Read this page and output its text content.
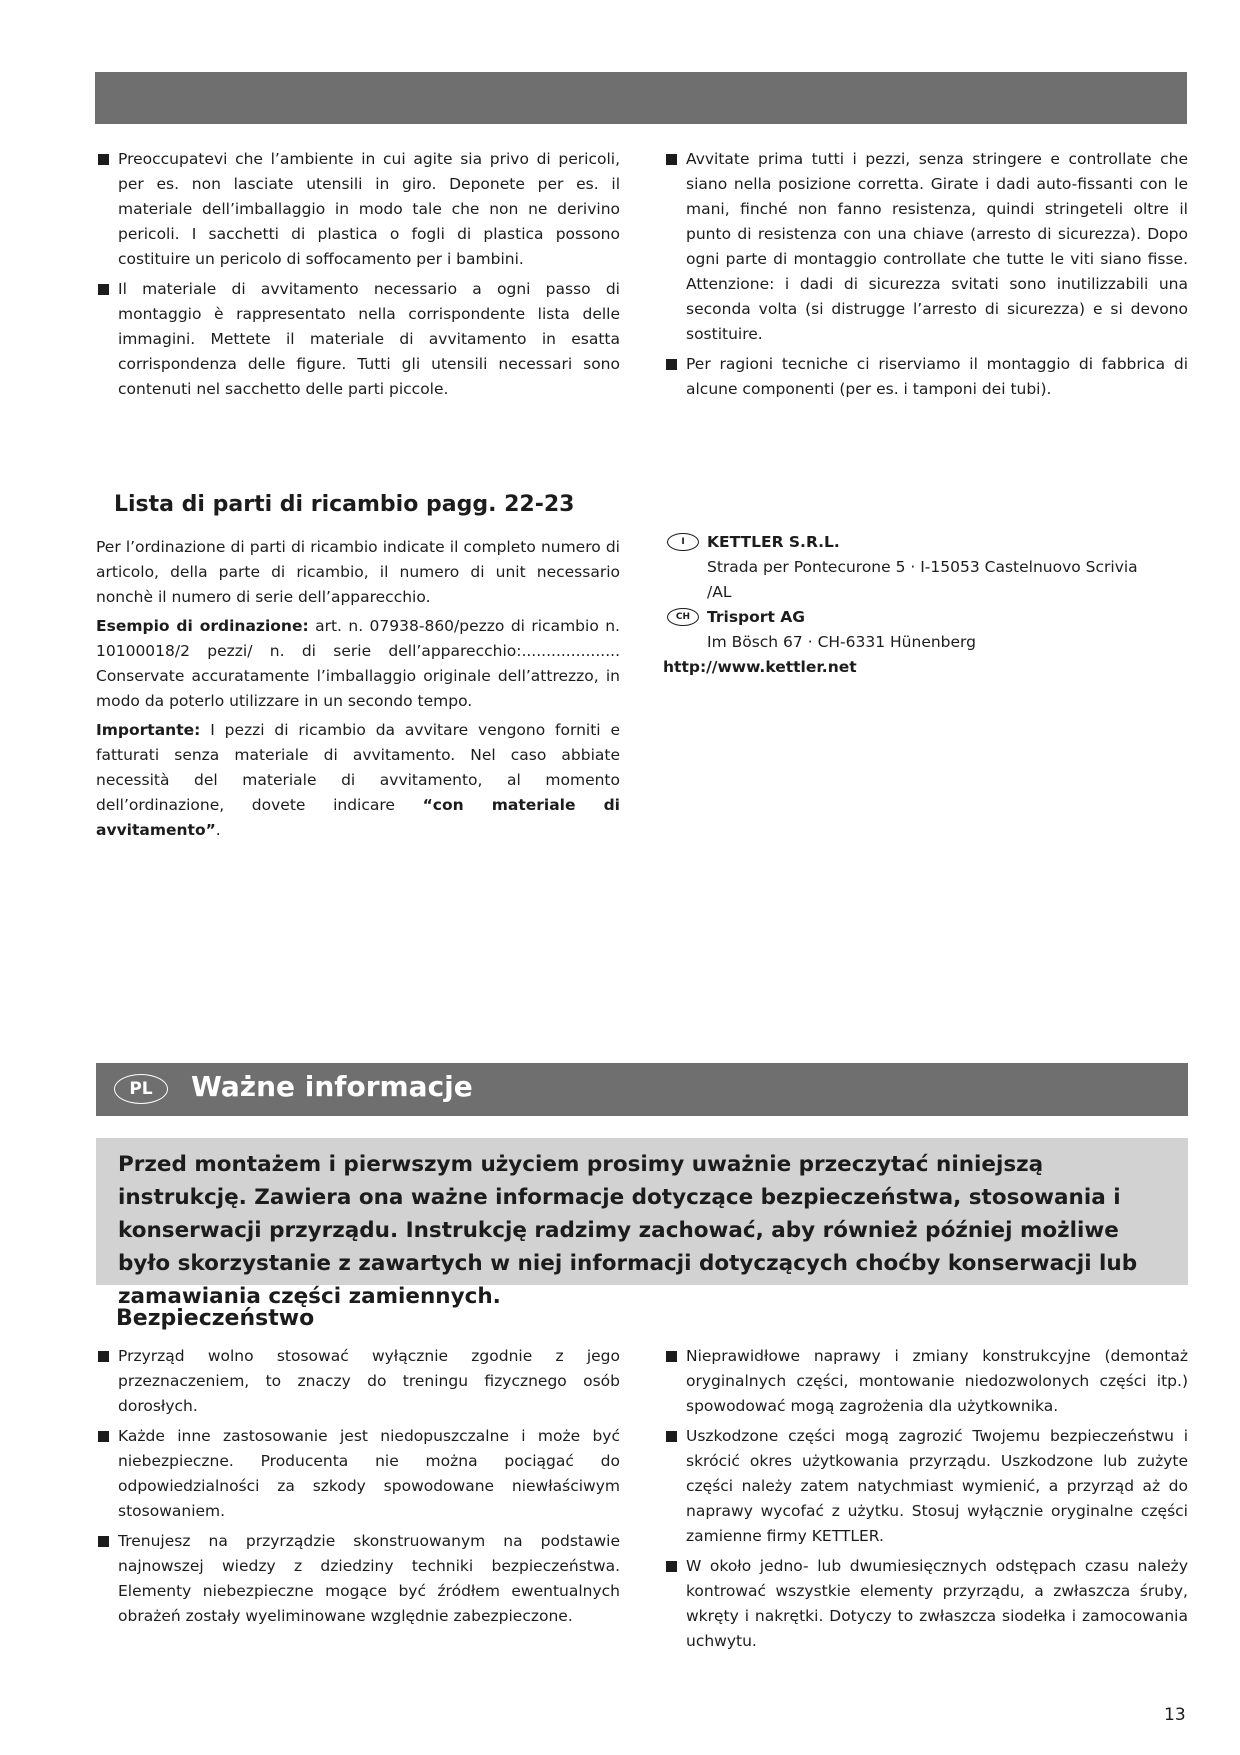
Preoccupatevi che l’ambiente in cui agite sia privo di pericoli, per es. non lasciate utensili in giro. Deponete per es. il materiale dell’imballaggio in modo tale che non ne derivino pericoli. I sacchetti di plastica o fogli di plastica possono costituire un pericolo di soffocamento per i bambini.
Il materiale di avvitamento necessario a ogni passo di montaggio è rappresentato nella corrispondente lista delle immagini. Mettete il materiale di avvitamento in esatta corrispondenza delle figure. Tutti gli utensili necessari sono contenuti nel sacchetto delle parti piccole.
Avvitate prima tutti i pezzi, senza stringere e controllate che siano nella posizione corretta. Girate i dadi auto-fissanti con le mani, finché non fanno resistenza, quindi stringeteli oltre il punto di resistenza con una chiave (arresto di sicurezza). Dopo ogni parte di montaggio controllate che tutte le viti siano fisse. Attenzione: i dadi di sicurezza svitati sono inutilizzabili una seconda volta (si distrugge l’arresto di sicurezza) e si devono sostituire.
Per ragioni tecniche ci riserviamo il montaggio di fabbrica di alcune componenti (per es. i tamponi dei tubi).
Lista di parti di ricambio pagg. 22-23

Per l’ordinazione di parti di ricambio indicate il completo numero di articolo, della parte di ricambio, il numero di unit necessario nonchè il numero di serie dell’apparecchio.

Esempio di ordinazione: art. n. 07938-860/pezzo di ricambio n. 10100018/2 pezzi/ n. di serie dell’apparecchio:.................... Conservate accuratamente l’imballaggio originale dell’attrezzo, in modo da poterlo utilizzare in un secondo tempo.

Importante: I pezzi di ricambio da avvitare vengono forniti e fatturati senza materiale di avvitamento. Nel caso abbiate necessità del materiale di avvitamento, al momento dell’ordinazione, dovete indicare “con materiale di avvitamento”.

I	KETTLER S.R.L.
Strada per Pontecurone 5 · I-15053 Castelnuovo Scrivia
/AL
CH	Trisport AG
Im Bösch 67 · CH-6331 Hünenberg
http://www.kettler.net
PL	Ważne informacje
Przed montażem i pierwszym użyciem prosimy uważnie przeczytać niniejszą instrukcję. Zawiera ona ważne informacje dotyczące bezpieczeństwa, stosowania i konserwacji przyrządu. Instrukcję radzimy zachować, aby również później możliwe było skorzystanie z zawartych w niej informacji dotyczących choćby konserwacji lub zamawiania części zamiennych.
Bezpieczeństwo
Przyrząd wolno stosować wyłącznie zgodnie z jego przeznaczeniem, to znaczy do treningu fizycznego osób dorosłych.
Każde inne zastosowanie jest niedopuszczalne i może być niebezpieczne. Producenta nie można pociągać do odpowiedzialności za szkody spowodowane niewłaściwym stosowaniem.
Trenujesz na przyrządzie skonstruowanym na podstawie najnowszej wiedzy z dziedziny techniki bezpieczeństwa. Elementy niebezpieczne mogące być źródłem ewentualnych obrażeń zostały wyeliminowane względnie zabezpieczone.
Nieprawidłowe naprawy i zmiany konstrukcyjne (demontaż oryginalnych części, montowanie niedozwolonych części itp.) spowodować mogą zagrożenia dla użytkownika.
Uszkodzone części mogą zagrozić Twojemu bezpieczeństwu i skrócić okres użytkowania przyrządu. Uszkodzone lub zużyte części należy zatem natychmiast wymienić, a przyrząd aż do naprawy wycofać z użytku. Stosuj wyłącznie oryginalne części zamienne firmy KETTLER.
W około jedno- lub dwumiesięcznych odstępach czasu należy kontrować wszystkie elementy przyrządu, a zwłaszcza śruby, wkręty i nakrętki. Dotyczy to zwłaszcza siodełka i zamocowania uchwytu.
13
